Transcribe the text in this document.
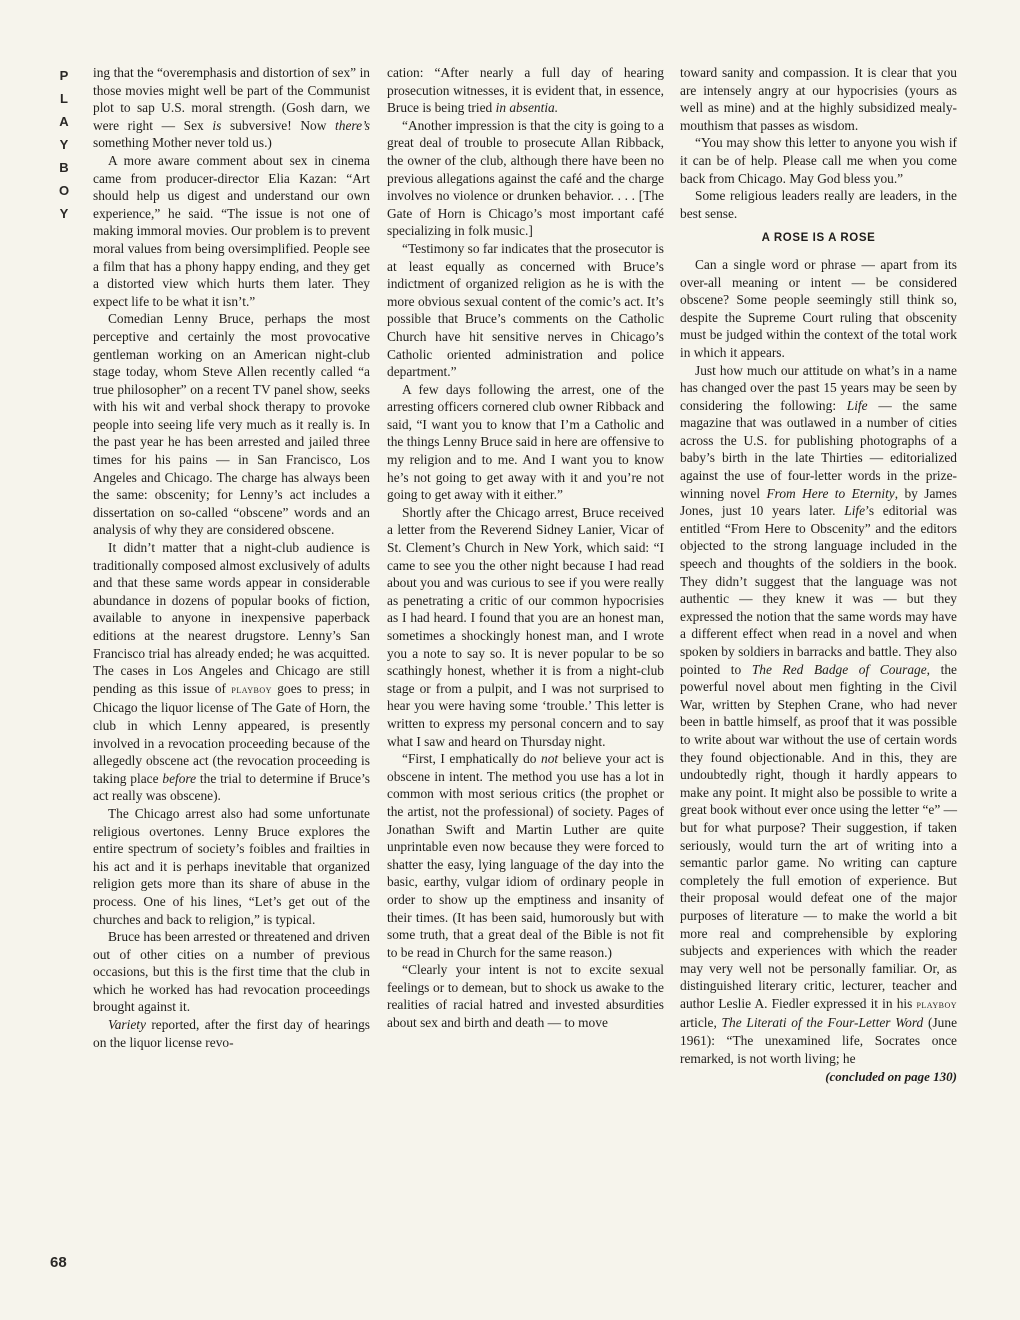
P
L
A
Y
B
O
Y
68

ing that the “overemphasis and distortion of sex” in those movies might well be part of the Communist plot to sap U.S. moral strength. (Gosh darn, we were right — Sex is subversive! Now there’s something Mother never told us.)

A more aware comment about sex in cinema came from producer-director Elia Kazan: “Art should help us digest and understand our own experience,” he said. “The issue is not one of making immoral movies. Our problem is to prevent moral values from being oversimplified. People see a film that has a phony happy ending, and they get a distorted view which hurts them later. They expect life to be what it isn’t.”

Comedian Lenny Bruce, perhaps the most perceptive and certainly the most provocative gentleman working on an American night-club stage today, whom Steve Allen recently called “a true philosopher” on a recent TV panel show, seeks with his wit and verbal shock therapy to provoke people into seeing life very much as it really is. In the past year he has been arrested and jailed three times for his pains — in San Francisco, Los Angeles and Chicago. The charge has always been the same: obscenity; for Lenny’s act includes a dissertation on so-called “obscene” words and an analysis of why they are considered obscene.

It didn’t matter that a night-club audience is traditionally composed almost exclusively of adults and that these same words appear in considerable abundance in dozens of popular books of fiction, available to anyone in inexpensive paperback editions at the nearest drugstore. Lenny’s San Francisco trial has already ended; he was acquitted. The cases in Los Angeles and Chicago are still pending as this issue of playboy goes to press; in Chicago the liquor license of The Gate of Horn, the club in which Lenny appeared, is presently involved in a revocation proceeding because of the allegedly obscene act (the revocation proceeding is taking place before the trial to determine if Bruce’s act really was obscene).

The Chicago arrest also had some unfortunate religious overtones. Lenny Bruce explores the entire spectrum of society’s foibles and frailties in his act and it is perhaps inevitable that organized religion gets more than its share of abuse in the process. One of his lines, “Let’s get out of the churches and back to religion,” is typical.

Bruce has been arrested or threatened and driven out of other cities on a number of previous occasions, but this is the first time that the club in which he worked has had revocation proceedings brought against it.

Variety reported, after the first day of hearings on the liquor license revo-

cation: “After nearly a full day of hearing prosecution witnesses, it is evident that, in essence, Bruce is being tried in absentia.

“Another impression is that the city is going to a great deal of trouble to prosecute Allan Ribback, the owner of the club, although there have been no previous allegations against the café and the charge involves no violence or drunken behavior. . . . [The Gate of Horn is Chicago’s most important café specializing in folk music.]

“Testimony so far indicates that the prosecutor is at least equally as concerned with Bruce’s indictment of organized religion as he is with the more obvious sexual content of the comic’s act. It’s possible that Bruce’s comments on the Catholic Church have hit sensitive nerves in Chicago’s Catholic oriented administration and police department.”

A few days following the arrest, one of the arresting officers cornered club owner Ribback and said, “I want you to know that I’m a Catholic and the things Lenny Bruce said in here are offensive to my religion and to me. And I want you to know he’s not going to get away with it and you’re not going to get away with it either.”

Shortly after the Chicago arrest, Bruce received a letter from the Reverend Sidney Lanier, Vicar of St. Clement’s Church in New York, which said: “I came to see you the other night because I had read about you and was curious to see if you were really as penetrating a critic of our common hypocrisies as I had heard. I found that you are an honest man, sometimes a shockingly honest man, and I wrote you a note to say so. It is never popular to be so scathingly honest, whether it is from a night-club stage or from a pulpit, and I was not surprised to hear you were having some ‘trouble.’ This letter is written to express my personal concern and to say what I saw and heard on Thursday night.

“First, I emphatically do not believe your act is obscene in intent. The method you use has a lot in common with most serious critics (the prophet or the artist, not the professional) of society. Pages of Jonathan Swift and Martin Luther are quite unprintable even now because they were forced to shatter the easy, lying language of the day into the basic, earthy, vulgar idiom of ordinary people in order to show up the emptiness and insanity of their times. (It has been said, humorously but with some truth, that a great deal of the Bible is not fit to be read in Church for the same reason.)

“Clearly your intent is not to excite sexual feelings or to demean, but to shock us awake to the realities of racial hatred and invested absurdities about sex and birth and death — to move

toward sanity and compassion. It is clear that you are intensely angry at our hypocrisies (yours as well as mine) and at the highly subsidized mealy-mouthism that passes as wisdom.

“You may show this letter to anyone you wish if it can be of help. Please call me when you come back from Chicago. May God bless you.”

Some religious leaders really are leaders, in the best sense.

A ROSE IS A ROSE

Can a single word or phrase — apart from its over-all meaning or intent — be considered obscene? Some people seemingly still think so, despite the Supreme Court ruling that obscenity must be judged within the context of the total work in which it appears.

Just how much our attitude on what’s in a name has changed over the past 15 years may be seen by considering the following: Life — the same magazine that was outlawed in a number of cities across the U.S. for publishing photographs of a baby’s birth in the late Thirties — editorialized against the use of four-letter words in the prize-winning novel From Here to Eternity, by James Jones, just 10 years later. Life’s editorial was entitled “From Here to Obscenity” and the editors objected to the strong language included in the speech and thoughts of the soldiers in the book. They didn’t suggest that the language was not authentic — they knew it was — but they expressed the notion that the same words may have a different effect when read in a novel and when spoken by soldiers in barracks and battle. They also pointed to The Red Badge of Courage, the powerful novel about men fighting in the Civil War, written by Stephen Crane, who had never been in battle himself, as proof that it was possible to write about war without the use of certain words they found objectionable. And in this, they are undoubtedly right, though it hardly appears to make any point. It might also be possible to write a great book without ever once using the letter “e” — but for what purpose? Their suggestion, if taken seriously, would turn the art of writing into a semantic parlor game. No writing can capture completely the full emotion of experience. But their proposal would defeat one of the major purposes of literature — to make the world a bit more real and comprehensible by exploring subjects and experiences with which the reader may very well not be personally familiar. Or, as distinguished literary critic, lecturer, teacher and author Leslie A. Fiedler expressed it in his playboy article, The Literati of the Four-Letter Word (June 1961): “The unexamined life, Socrates once remarked, is not worth living; he

(concluded on page 130)
